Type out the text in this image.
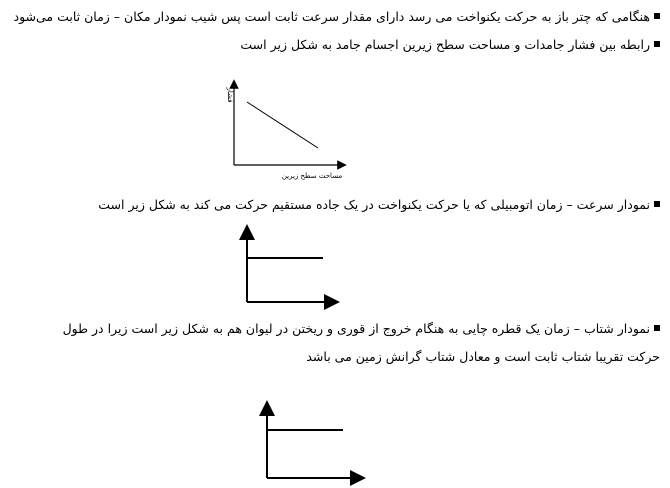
هنگامی که چتر باز به حرکت یکنواخت می رسد دارای مقدار سرعت ثابت است پس شیب نمودار مکان – زمان ثابت می‌شود
رابطه بین فشار جامدات و مساحت سطح زیرین اجسام جامد به شکل زیر است
نمودار سرعت – زمان اتومبیلی که یا حرکت یکنواخت در یک جاده مستقیم حرکت می کند به شکل زیر است
نمودار شتاب – زمان یک قطره چایی به هنگام خروج از قوری و ریختن در لیوان هم به شکل زیر است زیرا در طول
حرکت تقریبا شتاب ثابت است و معادل شتاب گرانش زمین می باشد
فشار
مساحت سطح زیرین
